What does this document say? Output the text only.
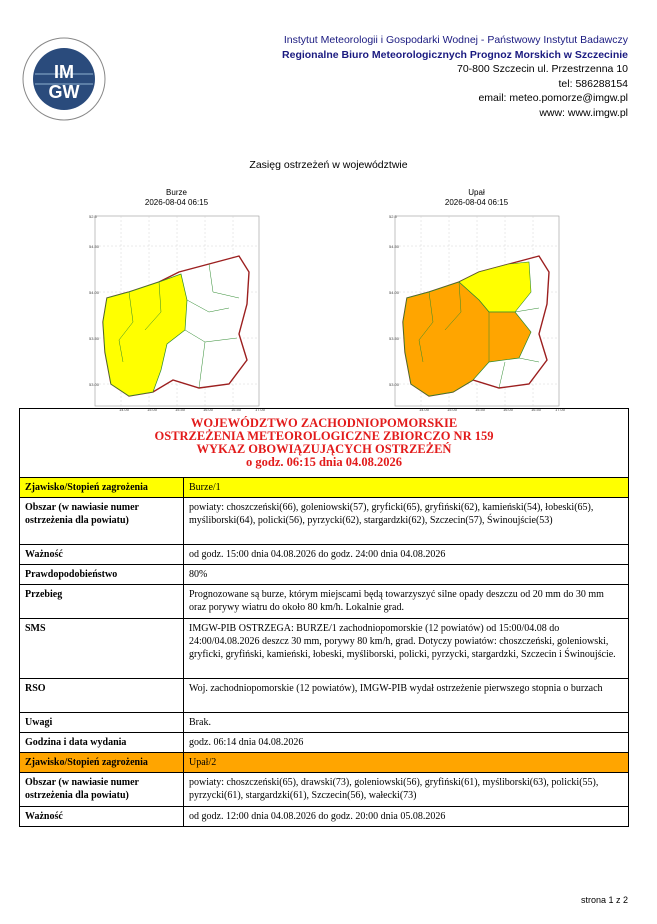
IM
GW
Instytut Meteorologii i Gospodarki Wodnej - Państwowy Instytut Badawczy
Regionalne Biuro Meteorologicznych Prognoz Morskich w Szczecinie
70-800 Szczecin ul. Przestrzenna 10
tel: 586288154
email: meteo.pomorze@imgw.pl
www: www.imgw.pl
Zasięg ostrzeżeń w województwie
Burze
2026-08-04 06:15
14.00	15.00	15.50	16.00	16.50	17.00
54.50
54.00
53.50
53.00
52.5
Upał
2026-08-04 06:15
14.00	15.00	15.50	16.00	16.50	17.00
54.50
54.00
53.50
53.00
52.5
WOJEWÓDZTWO ZACHODNIOPOMORSKIE
OSTRZEŻENIA METEOROLOGICZNE ZBIORCZO NR 159
WYKAZ OBOWIĄZUJĄCYCH OSTRZEŻEŃ
o godz. 06:15 dnia 04.08.2026	

Zjawisko/Stopień zagrożenia	Burze/1
Obszar (w nawiasie numer ostrzeżenia dla powiatu)	powiaty: choszczeński(66), goleniowski(57), gryficki(65), gryfiński(62), kamieński(54), łobeski(65), myśliborski(64), policki(56), pyrzycki(62), stargardzki(62), Szczecin(57), Świnoujście(53)
Ważność	od godz. 15:00 dnia 04.08.2026 do godz. 24:00 dnia 04.08.2026
Prawdopodobieństwo	80%
Przebieg	Prognozowane są burze, którym miejscami będą towarzyszyć silne opady deszczu od 20 mm do 30 mm oraz porywy wiatru do około 80 km/h. Lokalnie grad.
SMS	IMGW-PIB OSTRZEGA: BURZE/1 zachodniopomorskie (12 powiatów) od 15:00/04.08 do 24:00/04.08.2026 deszcz 30 mm, porywy 80 km/h, grad. Dotyczy powiatów: choszczeński, goleniowski, gryficki, gryfiński, kamieński, łobeski, myśliborski, policki, pyrzycki, stargardzki, Szczecin i Świnoujście.
RSO	Woj. zachodniopomorskie (12 powiatów), IMGW-PIB wydał ostrzeżenie pierwszego stopnia o burzach
Uwagi	Brak.
Godzina i data wydania	godz. 06:14 dnia 04.08.2026
Zjawisko/Stopień zagrożenia	Upał/2
Obszar (w nawiasie numer ostrzeżenia dla powiatu)	powiaty: choszczeński(65), drawski(73), goleniowski(56), gryfiński(61), myśliborski(63), policki(55), pyrzycki(61), stargardzki(61), Szczecin(56), wałecki(73)
Ważność	od godz. 12:00 dnia 04.08.2026 do godz. 20:00 dnia 05.08.2026
strona 1 z 2
